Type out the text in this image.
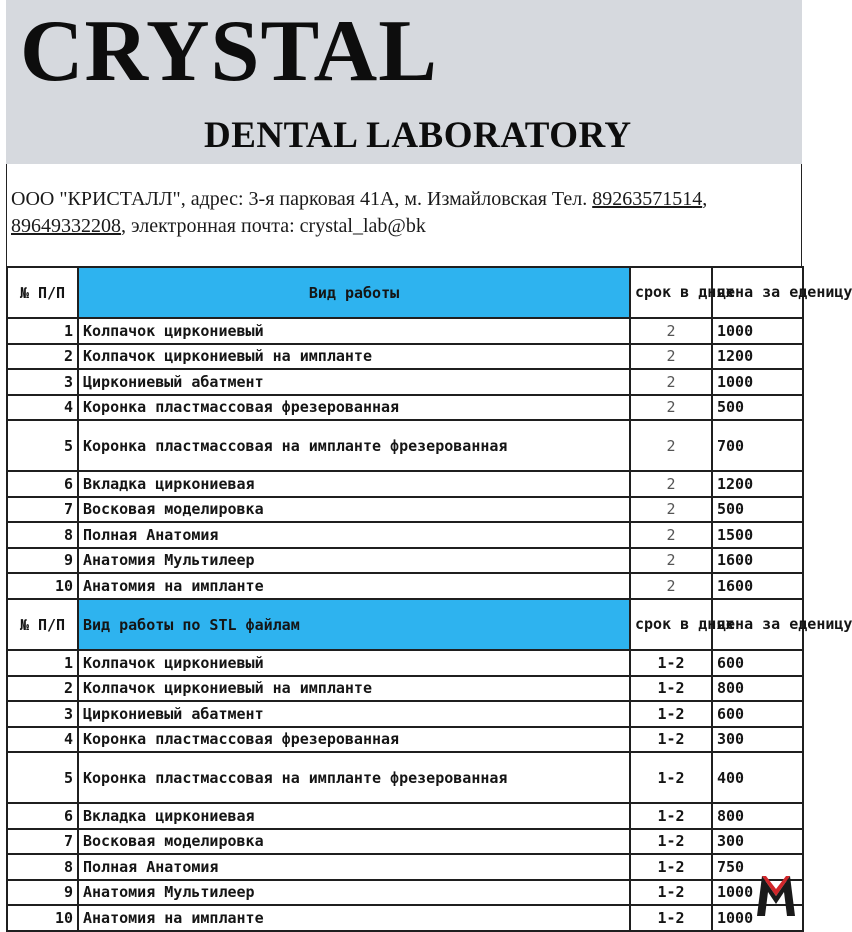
CRYSTAL
DENTAL LABORATORY
ООО "КРИСТАЛЛ", адрес: 3-я парковая 41А, м. Измайловская Тел. 89263571514, 89649332208, электронная почта: crystal_lab@bk
№ П/П	Вид работы	срок в днях	цена за еденицу
1	Колпачок циркониевый	2	1000
2	Колпачок циркониевый на импланте	2	1200
3	Циркониевый абатмент	2	1000
4	Коронка пластмассовая фрезерованная	2	500
5	Коронка пластмассовая на импланте фрезерованная	2	700
6	Вкладка циркониевая	2	1200
7	Восковая моделировка	2	500
8	Полная Анатомия	2	1500
9	Анатомия Мультилеер	2	1600
10	Анатомия на импланте	2	1600
№ П/П	Вид работы по STL файлам	срок в днях	цена за еденицу
1	Колпачок циркониевый	1-2	600
2	Колпачок циркониевый на импланте	1-2	800
3	Циркониевый абатмент	1-2	600
4	Коронка пластмассовая фрезерованная	1-2	300
5	Коронка пластмассовая на импланте фрезерованная	1-2	400
6	Вкладка циркониевая	1-2	800
7	Восковая моделировка	1-2	300
8	Полная Анатомия	1-2	750
9	Анатомия Мультилеер	1-2	1000
10	Анатомия на импланте	1-2	1000
